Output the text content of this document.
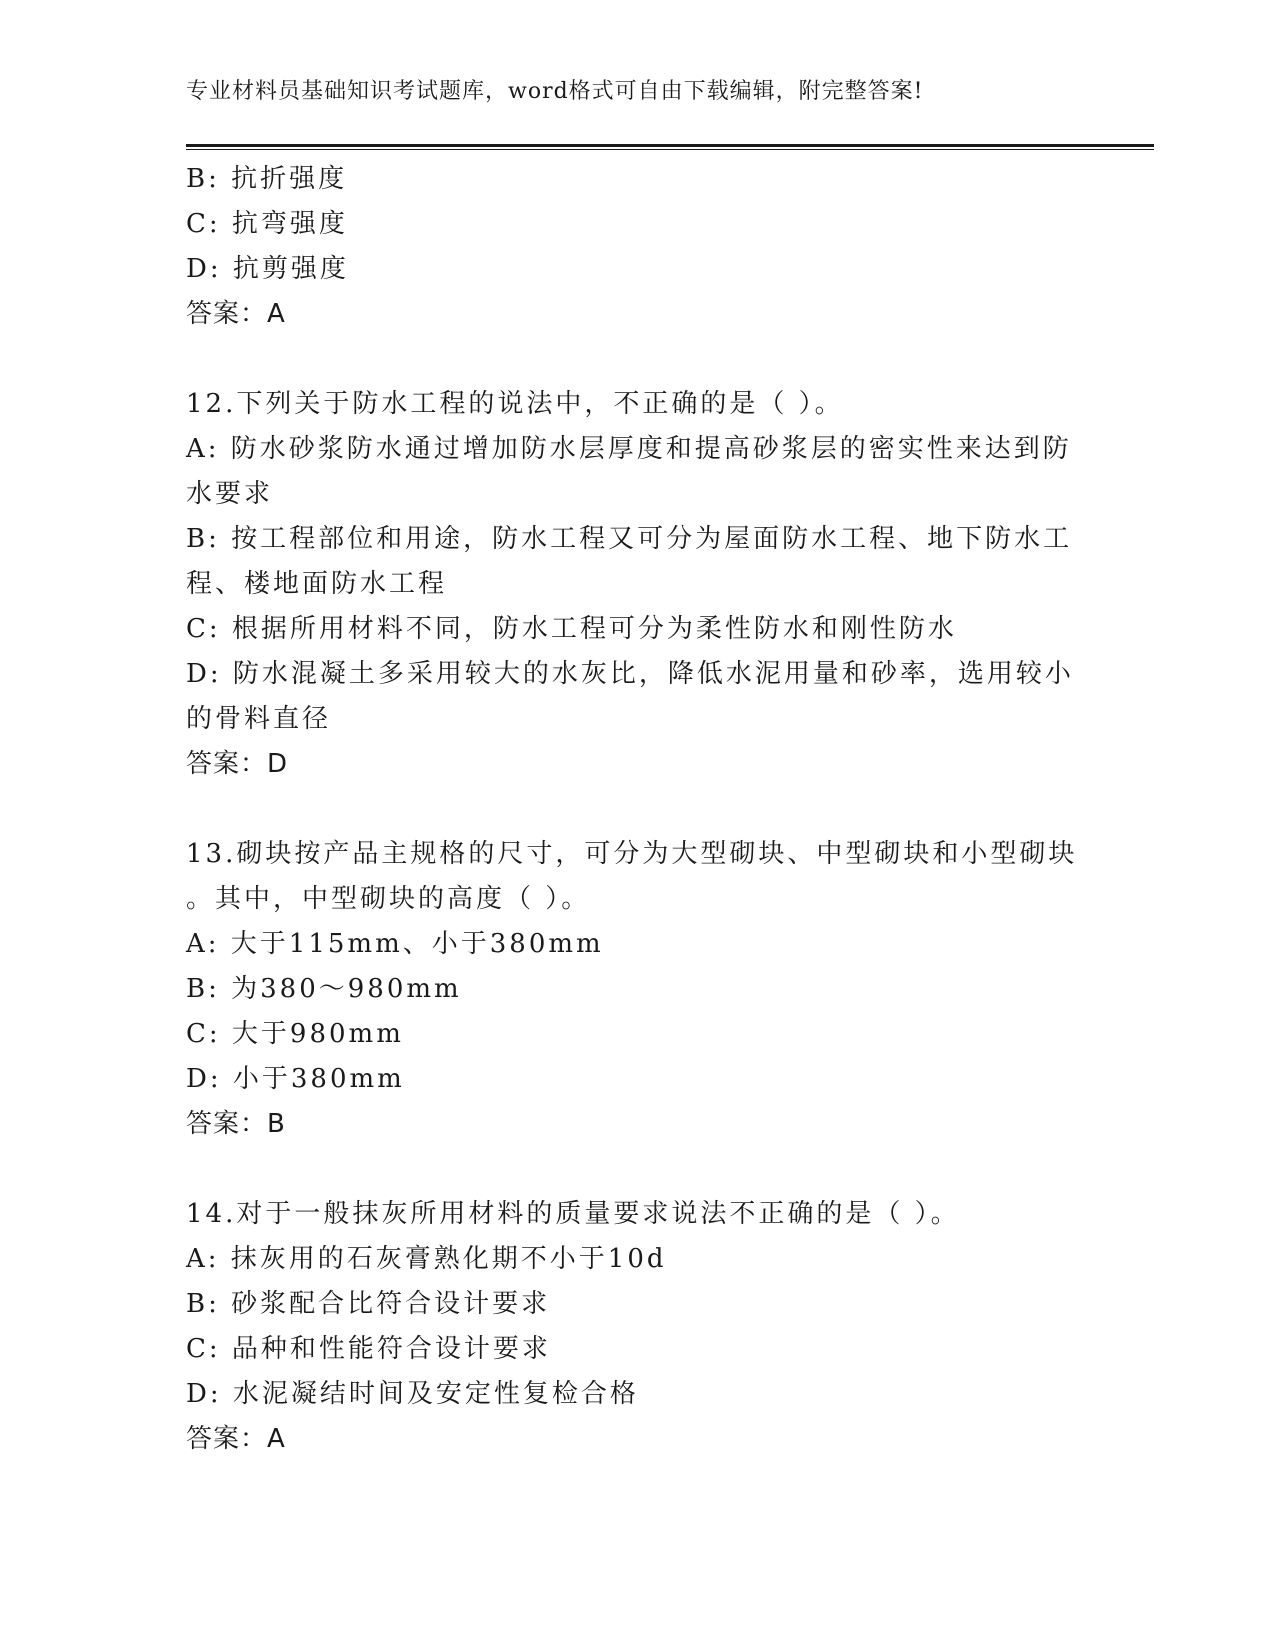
专业材料员基础知识考试题库，word格式可自由下载编辑，附完整答案!
B: 抗折强度
C: 抗弯强度
D: 抗剪强度
答案：A
12.下列关于防水工程的说法中，不正确的是（ ）。
A: 防水砂浆防水通过增加防水层厚度和提高砂浆层的密实性来达到防
水要求
B: 按工程部位和用途，防水工程又可分为屋面防水工程、地下防水工
程、楼地面防水工程
C: 根据所用材料不同，防水工程可分为柔性防水和刚性防水
D: 防水混凝土多采用较大的水灰比，降低水泥用量和砂率，选用较小
的骨料直径
答案：D
13.砌块按产品主规格的尺寸，可分为大型砌块、中型砌块和小型砌块
。其中，中型砌块的高度（ ）。
A: 大于115mm、小于380mm
B: 为380～980mm
C: 大于980mm
D: 小于380mm
答案：B
14.对于一般抹灰所用材料的质量要求说法不正确的是（ ）。
A: 抹灰用的石灰膏熟化期不小于10d
B: 砂浆配合比符合设计要求
C: 品种和性能符合设计要求
D: 水泥凝结时间及安定性复检合格
答案：A
